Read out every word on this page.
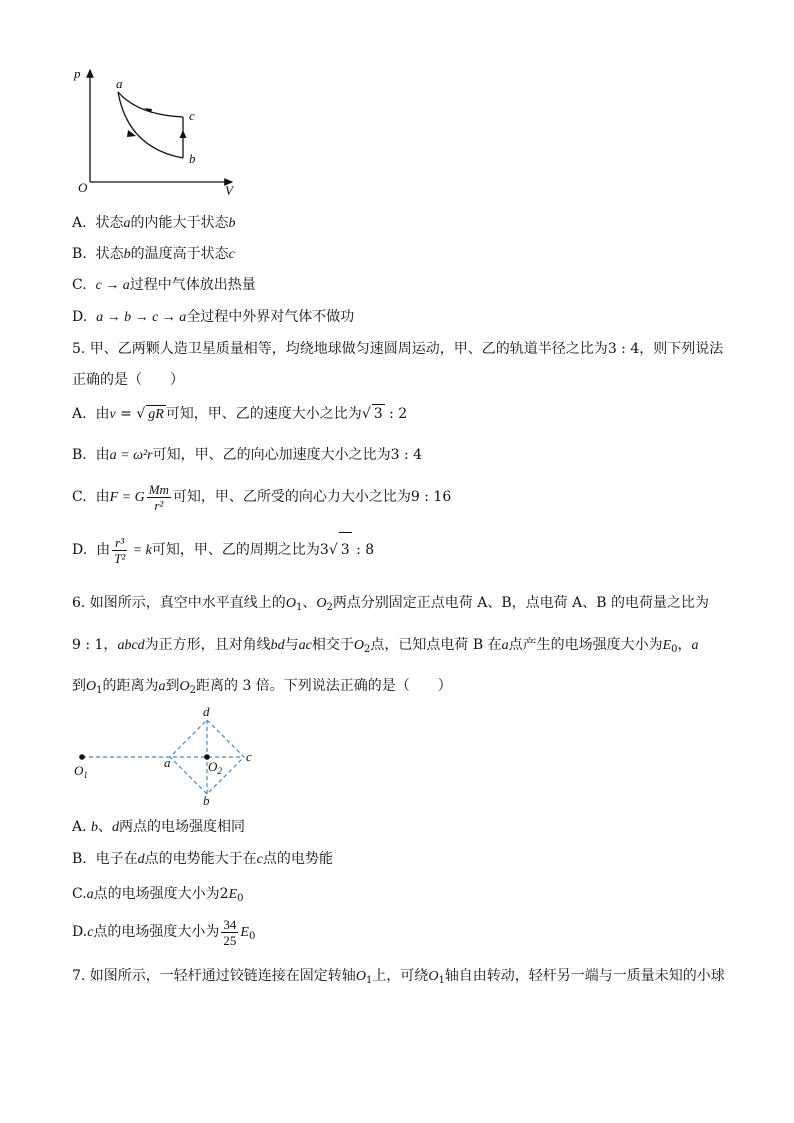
p
V
O
a
c
b
A. 状态a的内能大于状态b
B. 状态b的温度高于状态c
C. c → a过程中气体放出热量
D. a → b → c → a全过程中外界对气体不做功
5. 甲、乙两颗人造卫星质量相等，均绕地球做匀速圆周运动，甲、乙的轨道半径之比为3 : 4，则下列说法
正确的是（　　）
A. 由v = √ gR 可知，甲、乙的速度大小之比为√ 3 : 2
B. 由a = ω²r可知，甲、乙的向心加速度大小之比为3 : 4
C. 由F = G $\frac{Mm}{\text{r²}}$ 可知，甲、乙所受的向心力大小之比为9 : 16
D. 由 $\frac{\text{r³}}{\text{T²}} = k$可知，甲、乙的周期之比为3√ 3 : 8
6. 如图所示，真空中水平直线上的$O_1$、$O_2$两点分别固定正点电荷 A、B，点电荷 A、B 的电荷量之比为
9 : 1，abcd为正方形，且对角线bd与ac相交于$O_2$点，已知点电荷 B 在a点产生的电场强度大小为$E_0$，a
到$O_1$的距离为a到$O_2$距离的 3 倍。下列说法正确的是（　　）
d
b
a	c
$O_1$
$O_2$
A. b、d两点的电场强度相同
B. 电子在d点的电势能大于在c点的电势能
C.a点的电场强度大小为$2E_0$
D.c点的电场强度大小为 $\frac{34}{25} E_0$
7. 如图所示，一轻杆通过铰链连接在固定转轴$O_1$上，可绕$O_1$轴自由转动，轻杆另一端与一质量未知的小球
